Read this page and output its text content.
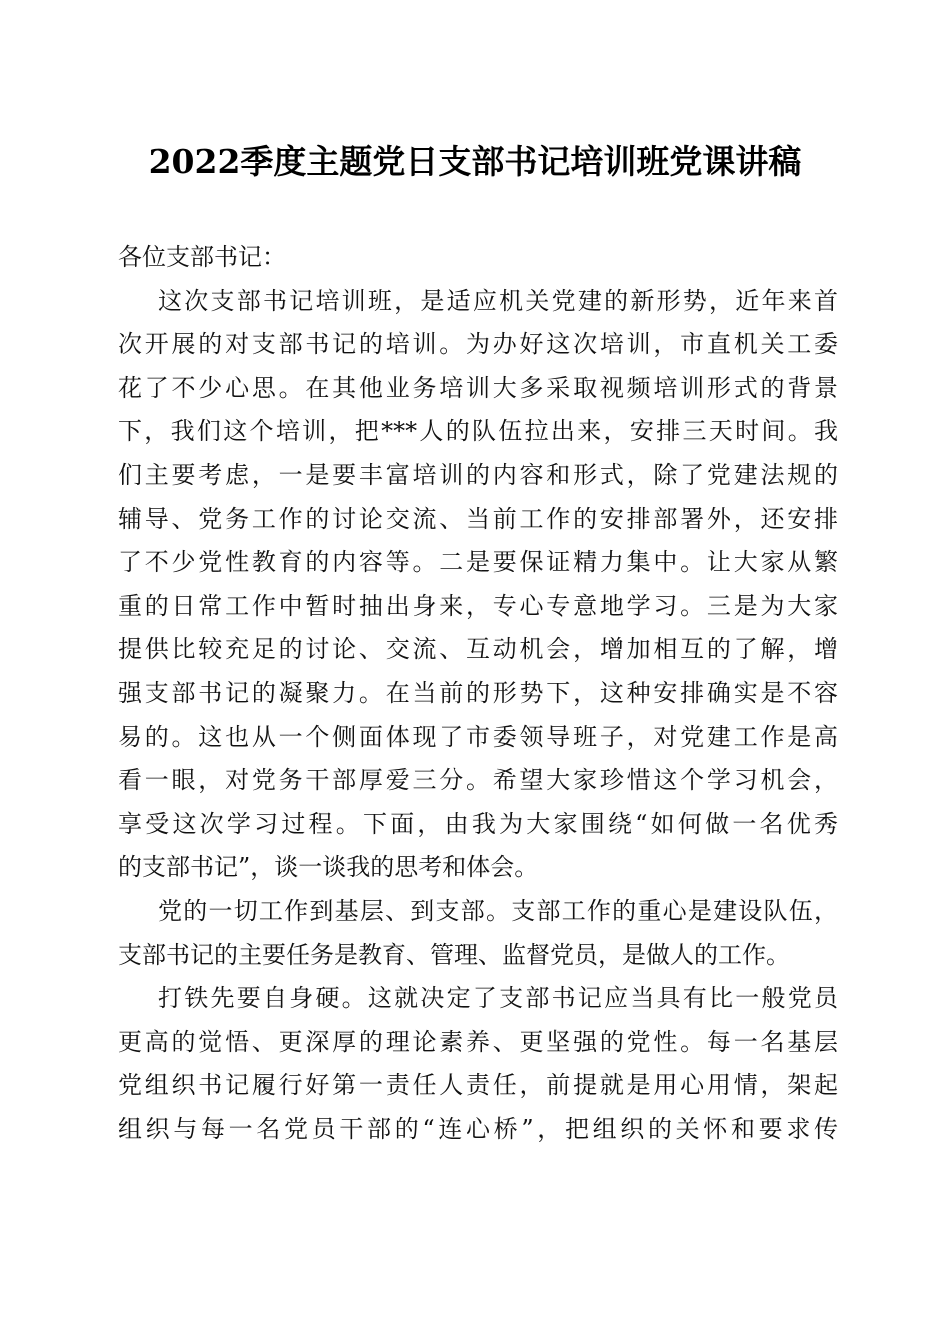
2022季度主题党日支部书记培训班党课讲稿
各位支部书记：
这次支部书记培训班，是适应机关党建的新形势，近年来首
次开展的对支部书记的培训。为办好这次培训，市直机关工委
花了不少心思。在其他业务培训大多采取视频培训形式的背景
下，我们这个培训，把***人的队伍拉出来，安排三天时间。我
们主要考虑，一是要丰富培训的内容和形式，除了党建法规的
辅导、党务工作的讨论交流、当前工作的安排部署外，还安排
了不少党性教育的内容等。二是要保证精力集中。让大家从繁
重的日常工作中暂时抽出身来，专心专意地学习。三是为大家
提供比较充足的讨论、交流、互动机会，增加相互的了解，增
强支部书记的凝聚力。在当前的形势下，这种安排确实是不容
易的。这也从一个侧面体现了市委领导班子，对党建工作是高
看一眼，对党务干部厚爱三分。希望大家珍惜这个学习机会，
享受这次学习过程。下面，由我为大家围绕“如何做一名优秀
的支部书记”，谈一谈我的思考和体会。
党的一切工作到基层、到支部。支部工作的重心是建设队伍，
支部书记的主要任务是教育、管理、监督党员，是做人的工作。
打铁先要自身硬。这就决定了支部书记应当具有比一般党员
更高的觉悟、更深厚的理论素养、更坚强的党性。每一名基层
党组织书记履行好第一责任人责任，前提就是用心用情，架起
组织与每一名党员干部的“连心桥”，把组织的关怀和要求传
